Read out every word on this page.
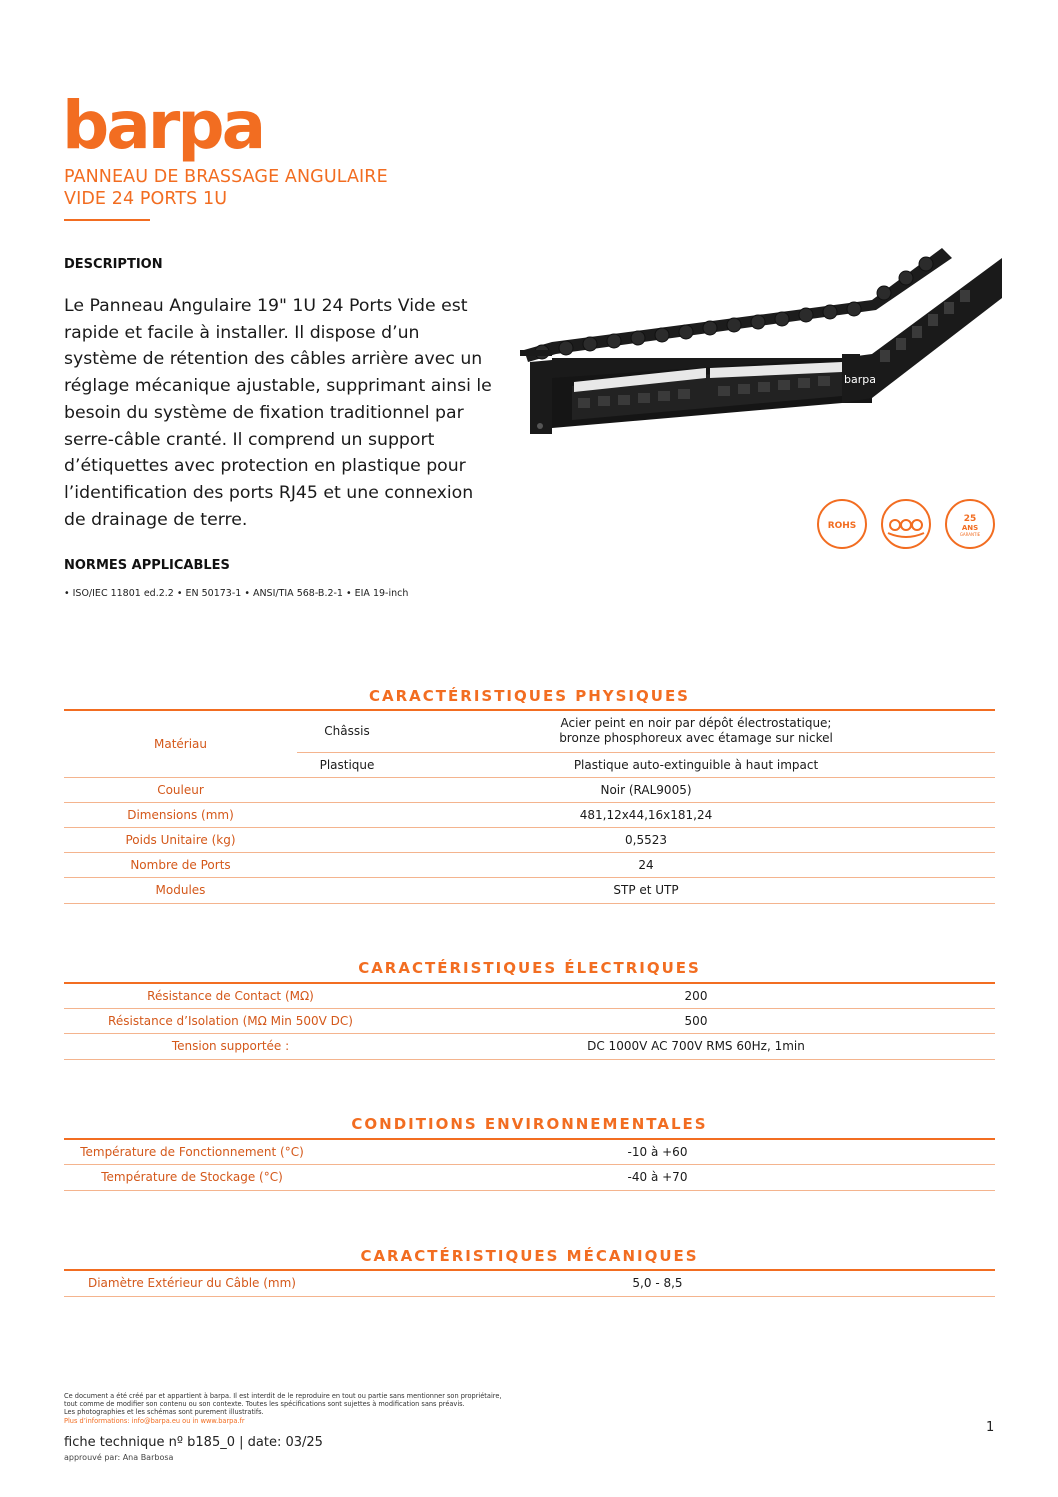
barpa
PANNEAU DE BRASSAGE ANGULAIRE
VIDE 24 PORTS 1U
DESCRIPTION
Le Panneau Angulaire 19" 1U 24 Ports Vide est rapide et facile à installer. Il dispose d’un système de rétention des câbles arrière avec un réglage mécanique ajustable, supprimant ainsi le besoin du système de fixation traditionnel par serre-câble cranté. Il comprend un support d’étiquettes avec protection en plastique pour l’identification des ports RJ45 et une connexion de drainage de terre.
NORMES APPLICABLES
• ISO/IEC 11801 ed.2.2 • EN 50173-1 • ANSI/TIA 568-B.2-1 • EIA 19-inch
barpa
ROHS
25
ANS
GARANTIE
CARACTÉRISTIQUES PHYSIQUES
Matériau	Châssis	Acier peint en noir par dépôt électrostatique;
bronze phosphoreux avec étamage sur nickel
	Plastique	Plastique auto-extinguible à haut impact
Couleur	Noir (RAL9005)	
Dimensions (mm)	481,12x44,16x181,24	
Poids Unitaire (kg)	0,5523	
Nombre de Ports	24	
Modules	STP et UTP	
CARACTÉRISTIQUES ÉLECTRIQUES
Résistance de Contact (MΩ)	200
Résistance d’Isolation (MΩ Min 500V DC)	500
Tension supportée :	DC 1000V AC 700V RMS 60Hz, 1min
CONDITIONS ENVIRONNEMENTALES
Température de Fonctionnement (°C)	-10 à +60
Température de Stockage (°C)	-40 à +70
CARACTÉRISTIQUES MÉCANIQUES
Diamètre Extérieur du Câble (mm)	5,0 - 8,5
Ce document a été créé par et appartient à barpa. Il est interdit de le reproduire en tout ou partie sans mentionner son propriétaire,
tout comme de modifier son contenu ou son contexte. Toutes les spécifications sont sujettes à modification sans préavis.
Les photographies et les schémas sont purement illustratifs.
Plus d’informations: info@barpa.eu ou in www.barpa.fr
fiche technique nº b185_0 | date: 03/25
approuvé par: Ana Barbosa
1
